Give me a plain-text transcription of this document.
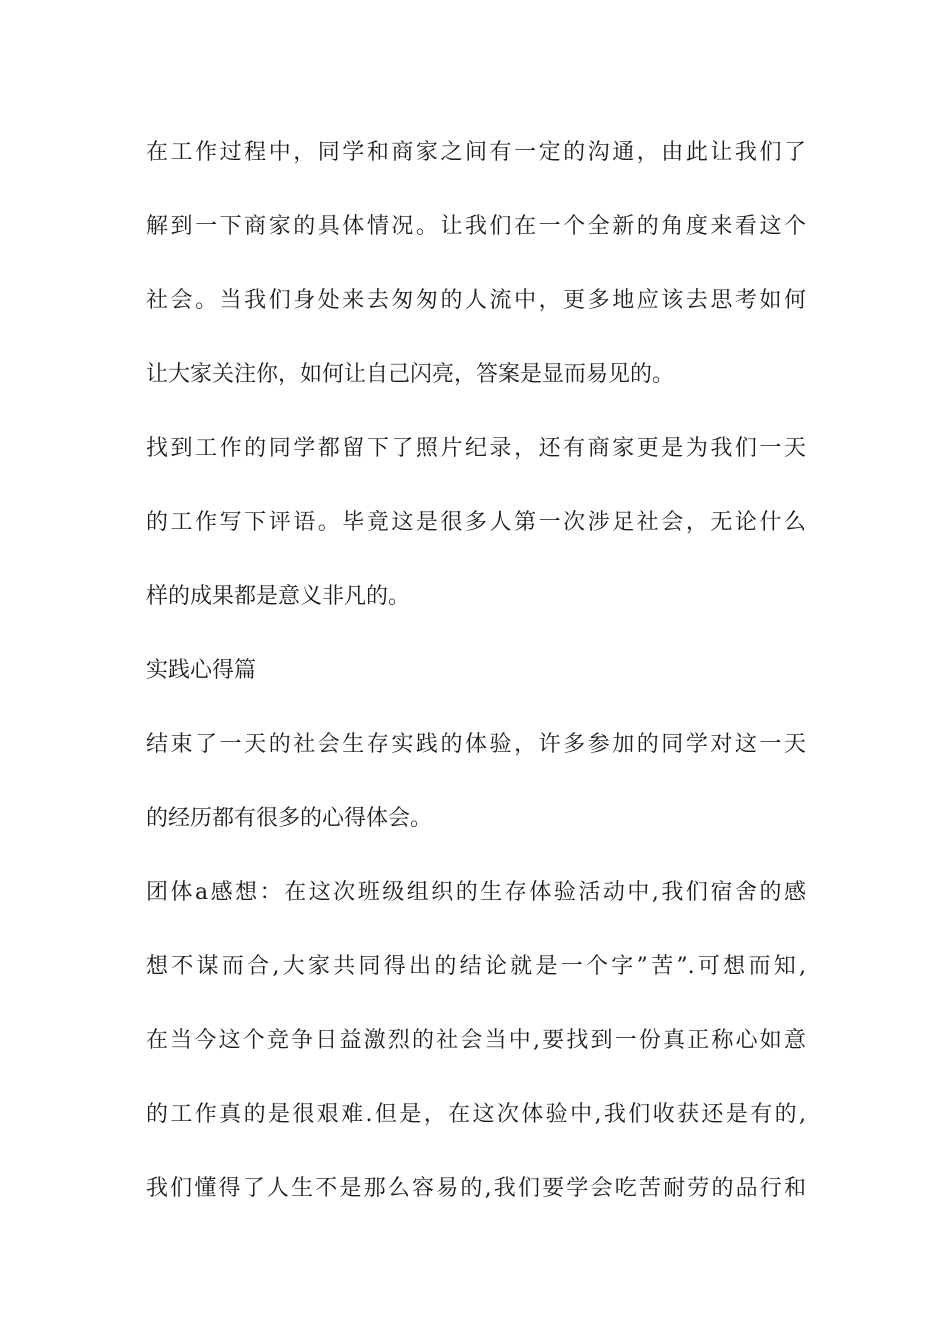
在工作过程中，同学和商家之间有一定的沟通，由此让我们了
解到一下商家的具体情况。让我们在一个全新的角度来看这个
社会。当我们身处来去匆匆的人流中，更多地应该去思考如何
让大家关注你，如何让自己闪亮，答案是显而易见的。
找到工作的同学都留下了照片纪录，还有商家更是为我们一天
的工作写下评语。毕竟这是很多人第一次涉足社会，无论什么
样的成果都是意义非凡的。
实践心得篇
结束了一天的社会生存实践的体验，许多参加的同学对这一天
的经历都有很多的心得体会。
团体a感想：在这次班级组织的生存体验活动中,我们宿舍的感
想不谋而合,大家共同得出的结论就是一个字”苦”.可想而知,
在当今这个竞争日益激烈的社会当中,要找到一份真正称心如意
的工作真的是很艰难.但是，在这次体验中,我们收获还是有的,
我们懂得了人生不是那么容易的,我们要学会吃苦耐劳的品行和
